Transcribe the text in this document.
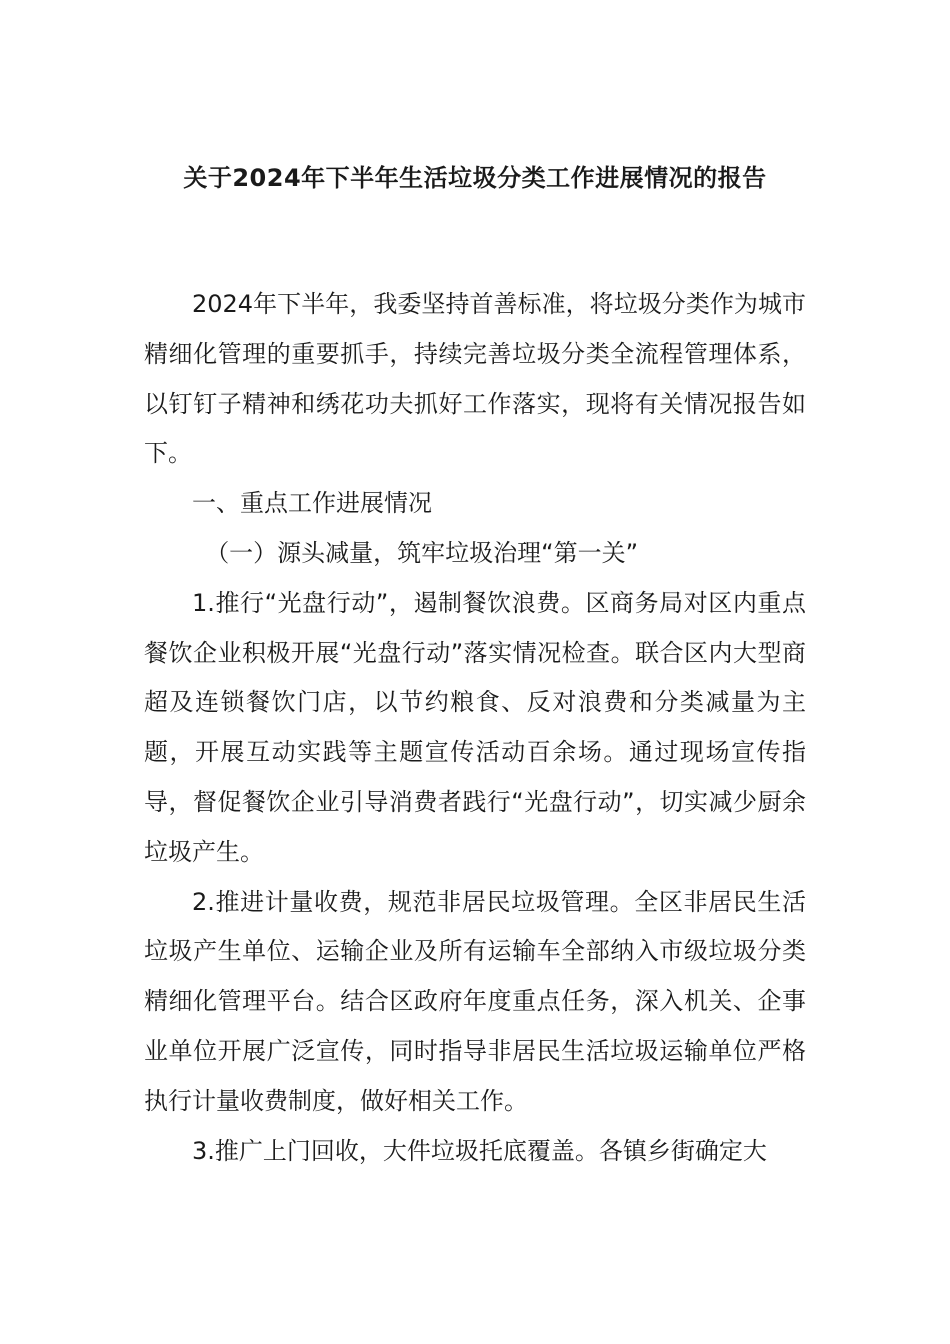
关于2024年下半年生活垃圾分类工作进展情况的报告

2024年下半年，我委坚持首善标准，将垃圾分类作为城市精细化管理的重要抓手，持续完善垃圾分类全流程管理体系，以钉钉子精神和绣花功夫抓好工作落实，现将有关情况报告如下。

一、重点工作进展情况

（一）源头减量，筑牢垃圾治理“第一关”

1.推行“光盘行动”，遏制餐饮浪费。区商务局对区内重点餐饮企业积极开展“光盘行动”落实情况检查。联合区内大型商超及连锁餐饮门店，以节约粮食、反对浪费和分类减量为主题，开展互动实践等主题宣传活动百余场。通过现场宣传指导，督促餐饮企业引导消费者践行“光盘行动”，切实减少厨余垃圾产生。

2.推进计量收费，规范非居民垃圾管理。全区非居民生活垃圾产生单位、运输企业及所有运输车全部纳入市级垃圾分类精细化管理平台。结合区政府年度重点任务，深入机关、企事业单位开展广泛宣传，同时指导非居民生活垃圾运输单位严格执行计量收费制度，做好相关工作。

3.推广上门回收，大件垃圾托底覆盖。各镇乡街确定大
